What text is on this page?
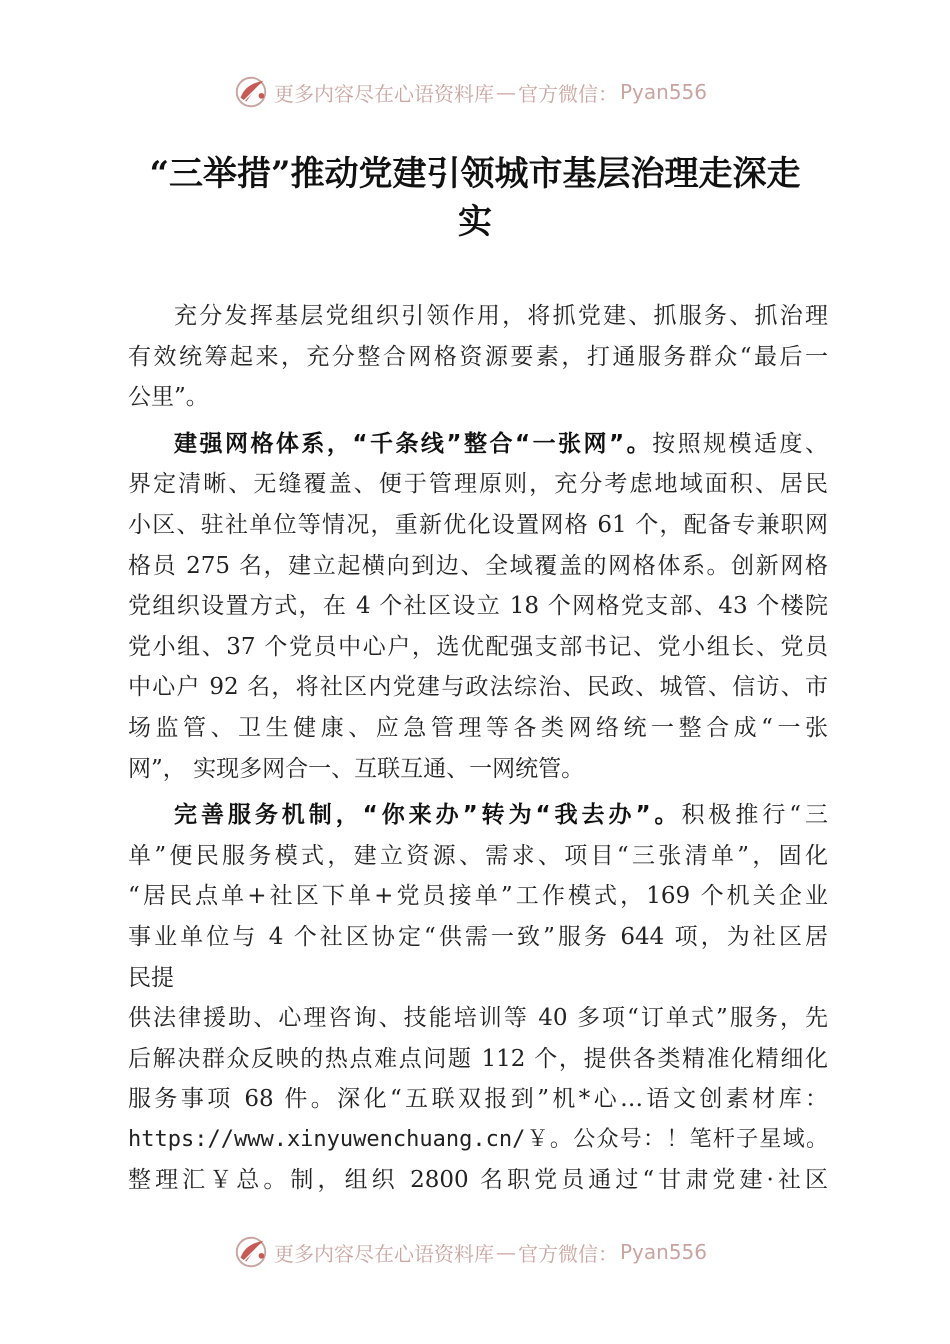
更多内容尽在心语资料库 — 官方微信： Pyan556
“三举措”推动党建引领城市基层治理走深走
实
充分发挥基层党组织引领作用，将抓党建、抓服务、抓治理
有效统筹起来，充分整合网格资源要素，打通服务群众“最后一
公里”。
建强网格体系，“千条线”整合“一张网”。按照规模适度、
界定清晰、无缝覆盖、便于管理原则，充分考虑地域面积、居民
小区、驻社单位等情况，重新优化设置网格 61 个，配备专兼职网
格员 275 名，建立起横向到边、全域覆盖的网格体系。创新网格
党组织设置方式，在 4 个社区设立 18 个网格党支部、43 个楼院
党小组、37 个党员中心户，选优配强支部书记、党小组长、党员
中心户 92 名，将社区内党建与政法综治、民政、城管、信访、市
场监管、卫生健康、应急管理等各类网络统一整合成“一张
网”， 实现多网合一、互联互通、一网统管。
完善服务机制，“你来办”转为“我去办”。积极推行“三
单”便民服务模式，建立资源、需求、项目“三张清单”，固化
“居民点单+社区下单+党员接单”工作模式，169 个机关企业
事业单位与 4 个社区协定“供需一致”服务 644 项，为社区居
民提
供法律援助、心理咨询、技能培训等 40 多项“订单式”服务，先
后解决群众反映的热点难点问题 112 个，提供各类精准化精细化
服务事项 68 件。深化“五联双报到”机*心…语文创素材库：
https://www.xinyuwenchuang.cn/￥。公众号：！笔杆子星域。
整理汇￥总。制，组织 2800 名职党员通过“甘肃党建·社区
更多内容尽在心语资料库 — 官方微信： Pyan556
